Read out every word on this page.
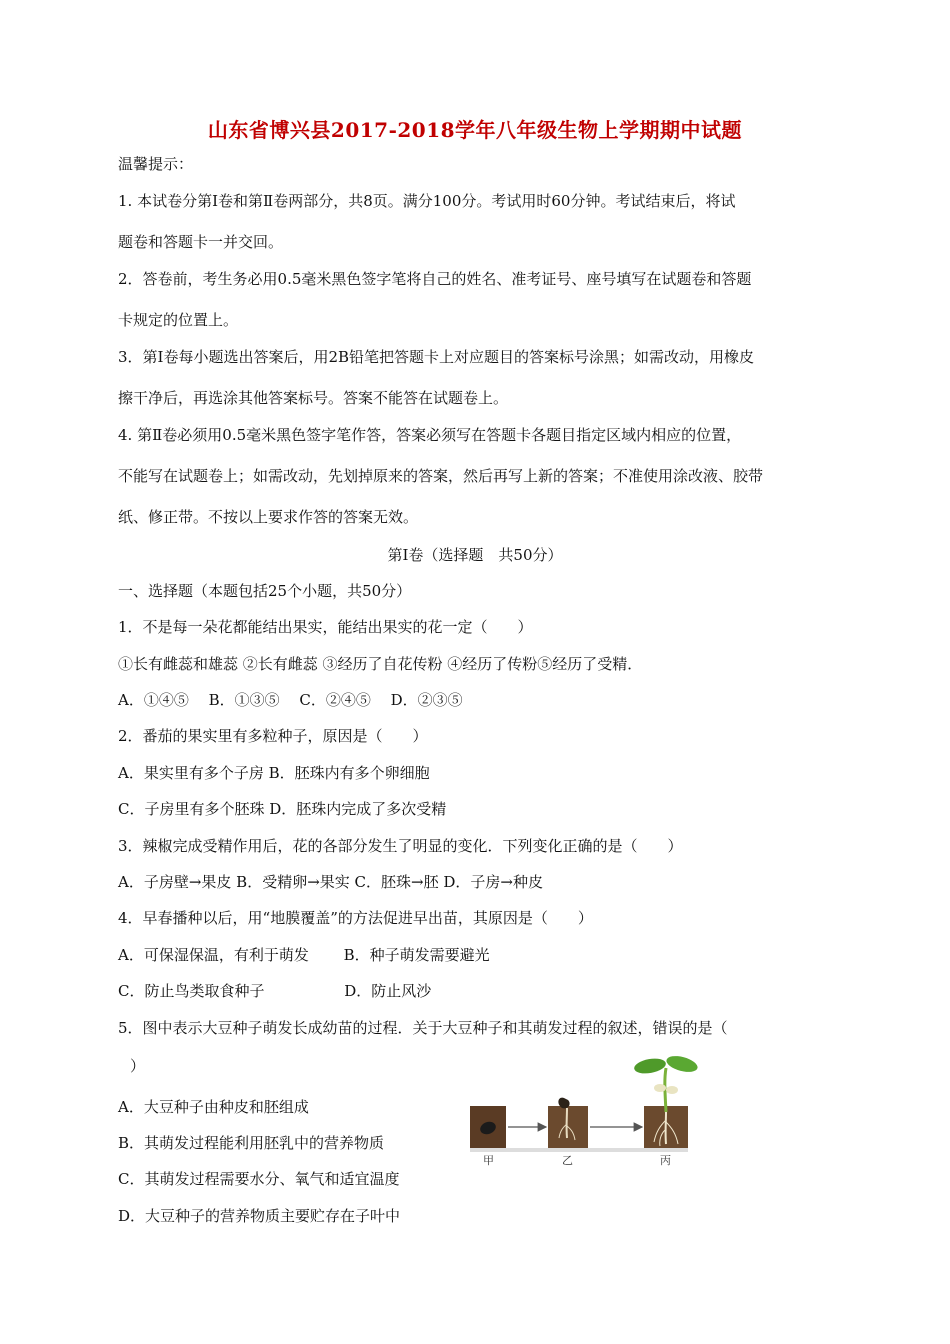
山东省博兴县2017-2018学年八年级生物上学期期中试题
温馨提示：
1. 本试卷分第Ⅰ卷和第Ⅱ卷两部分，共8页。满分100分。考试用时60分钟。考试结束后，将试
题卷和答题卡一并交回。
2．答卷前，考生务必用0.5毫米黑色签字笔将自己的姓名、准考证号、座号填写在试题卷和答题
卡规定的位置上。
3．第Ⅰ卷每小题选出答案后，用2B铅笔把答题卡上对应题目的答案标号涂黑；如需改动，用橡皮
擦干净后，再选涂其他答案标号。答案不能答在试题卷上。
4. 第Ⅱ卷必须用0.5毫米黑色签字笔作答，答案必须写在答题卡各题目指定区域内相应的位置，
不能写在试题卷上；如需改动，先划掉原来的答案，然后再写上新的答案；不准使用涂改液、胶带
纸、修正带。不按以上要求作答的答案无效。
第Ⅰ卷（选择题　共50分）
一、选择题（本题包括25个小题，共50分）
1．不是每一朵花都能结出果实，能结出果实的花一定（　　）
①长有雌蕊和雄蕊 ②长有雌蕊 ③经历了自花传粉 ④经历了传粉⑤经历了受精．
A．①④⑤　 B．①③⑤　 C．②④⑤　 D．②③⑤
2．番茄的果实里有多粒种子，原因是（　　）
A．果实里有多个子房 B．胚珠内有多个卵细胞
C．子房里有多个胚珠 D．胚珠内完成了多次受精
3．辣椒完成受精作用后，花的各部分发生了明显的变化．下列变化正确的是（　　）
A．子房壁→果皮 B．受精卵→果实 C．胚珠→胚 D．子房→种皮
4．早春播种以后，用“地膜覆盖”的方法促进早出苗，其原因是（　　）
A．可保湿保温，有利于萌发　　 B．种子萌发需要避光
C．防止鸟类取食种子　　　　　 D．防止风沙
5．图中表示大豆种子萌发长成幼苗的过程．关于大豆种子和其萌发过程的叙述，错误的是（
）
A．大豆种子由种皮和胚组成
B．其萌发过程能利用胚乳中的营养物质
C．其萌发过程需要水分、氧气和适宜温度
D．大豆种子的营养物质主要贮存在子叶中
甲	乙	丙
